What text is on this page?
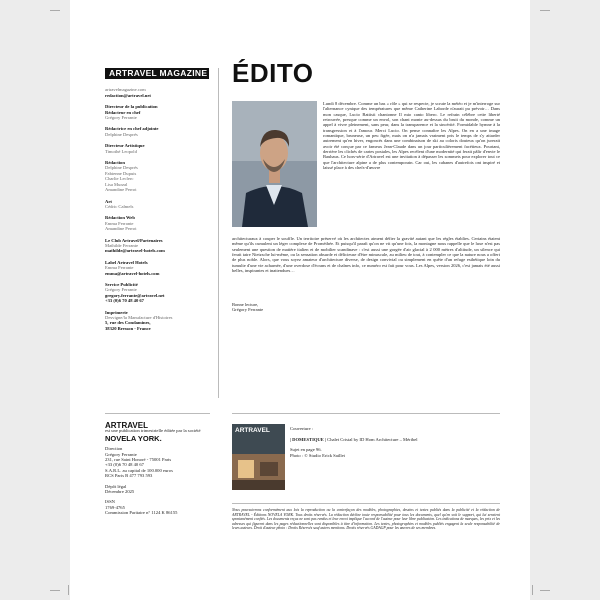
ARTRAVEL MAGAZINE
artravelmagazine.com
redaction@artravel.net
Directeur de la publication
Rédacteur en chef
Grégory Ferrante
Rédactrice en chef adjointe
Delphine Després
Directeur Artistique
Timothé Leopold
Rédaction
Delphine Després
Fabienne Dupuis
Charlie Leclerc
Lisa Murzal
Amandine Perrot
Art
Cédric Calmels
Rédaction Web
Emma Ferrante
Amandine Perrot
Le Club Artravel/Partenaires
Mathilde Ferrante
mathilde@artravel-hotels.com
Label Artravel Hotels
Emma Ferrante
emma@artravel-hotels.com
Service Publicité
Grégory Ferrante
gregory.ferrante@artravel.net
+33 (0)6 70 48 40 67
Imprimerie
Desvigne/la Manufacture d'Histoires
5, rue des Condamines,
38320 Bresson - France
ÉDITO
Lundi 8 décembre. Comme un bas « rôle » qui se respecte, je scrute la météo et je m'interroge sur l'alternance cynique des températures que même Catherine Laborde n'aurait pu prévoir… Dans mon casque, Lucio Battisti chantonne Il mio canto libero. Le refrain célèbre cette liberté retrouvée, presque comme un envol, son chant monte au-dessus du bruit du monde, comme un appel à vivre pleinement, sans peur, dans la transparence et la sincérité. Formidable hymne à la transgression et à l'amour. Merci Lucio. On pense connaître les Alpes. On en a une image romantique, bruneuse, un peu figée, mais on n'a jamais vraiment pris le temps de s'y attarder autrement qu'en hiver, engoncés dans une combinaison de ski au coloris douteux qu'on jurerait avoir été conçue par ce fameux Jean-Claude dans un jour particulièrement facétieux. Pourtant, derrière les clichés de cartes postales, les Alpes recèlent d'une modernité qui ferait pâlir d'envie le Bauhaus. Ce hors-série d'Artravel est une invitation à dépasser les sommets pour explorer tout ce que l'architecture alpine a de plus contemporain. Car oui, les cabanes d'autrefois ont inspiré et laissé place à des chefs-d'œuvre
architecturaux à couper le souffle. Un territoire préservé où les architectes aiment défier la gravité autant que les règles établies. Certains étaient même qu'ils cumulent un léger complexe de Prométhée. Et puisqu'il paraît qu'on ne vit qu'une fois, la montagne nous rappelle que le luxe n'est pas seulement une question de matière italien et de mobilier scandinave : c'est aussi une gorgée d'air glacial à 2 000 mètres d'altitude, un silence qui ferait taire Nietzsche lui-même, ou la sensation absurde et délicieuse d'être minuscule, au milieu de tout, à contempler ce que la nature nous a offert de plus noble. Alors, que vous soyez amateur d'architecture diverse, de design convivial ou simplement en quête d'un refuge esthétique loin du tumulte d'une vie acharnée, d'une overdose d'écrans et de chaînes info, ce numéro est fait pour vous. Les Alpes, version 2026, c'est jamais été aussi belles, inspirantes et inattendues…
Bonne lecture,
Grégory Ferrante
ARTRAVEL
est une publication trimestrielle éditée par la société
NOVELA YORK.
Direction
Grégory Ferrante
231, rue Saint Honoré - 75001 Paris
+33 (0)6 70 48 40 67
S.A.R.L. au capital de 100.000 euros
RCS Paris B 477 793 593
Dépôt légal
Décembre 2025
ISSN
1769-4765
Commission Paritaire n° 1124 K 86155
ARTRAVEL	Couverture :
| DOMESTIQUE | Chalet Cristal by ID Hom Architecture – Méribel
Sujet en page 96.
Photo : © Studio Erick Saillet
Nous poursuivrons conformément aux lois la reproduction ou la contrefaçon des modèles, photographies, dessins et textes publiés dans la publicité et la rédaction de ARTRAVEL - Éditions NOVELA YORK. Tous droits réservés. La rédaction décline toute responsabilité pour tous les documents, quel qu'en soit le support, qui lui seraient spontanément confiés. Les documents reçus ne sont pas rendus et leur envoi implique l'accord de l'auteur pour leur libre publication. Les indications de marques, les prix et les adresses qui figurent dans les pages rédactionnelles sont disponibles à titre d'information. Les textes, photographies et modèles publiés engagent la seule responsabilité de leurs auteurs. Droit d'auteur photo : Droits Réservés sauf autres mentions. Droits réservés GADAGP pour les œuvres de ses membres.
